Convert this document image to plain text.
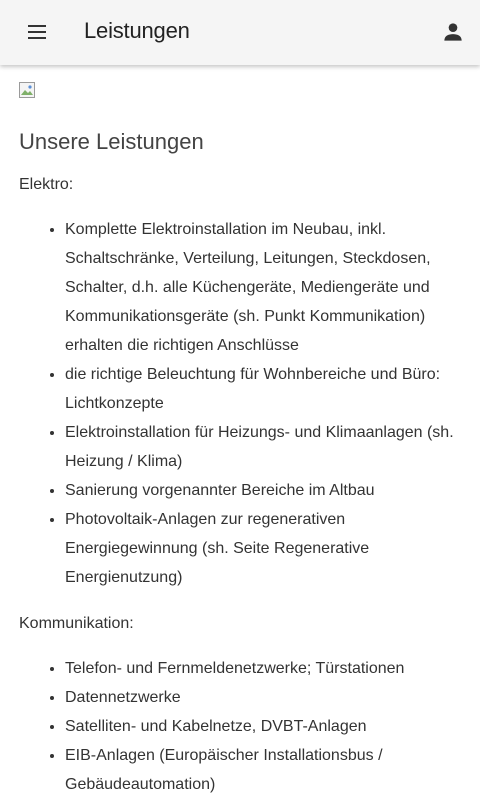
Leistungen
Unsere Leistungen

Elektro:

• Komplette Elektroinstallation im Neubau, inkl. Schaltschränke, Verteilung, Leitungen, Steckdosen, Schalter, d.h. alle Küchengeräte, Mediengeräte und Kommunikationsgeräte (sh. Punkt Kommunikation) erhalten die richtigen Anschlüsse
• die richtige Beleuchtung für Wohnbereiche und Büro: Lichtkonzepte
• Elektroinstallation für Heizungs- und Klimaanlagen (sh. Heizung / Klima)
• Sanierung vorgenannter Bereiche im Altbau
• Photovoltaik-Anlagen zur regenerativen Energiegewinnung (sh. Seite Regenerative Energienutzung)

Kommunikation:

• Telefon- und Fernmeldenetzwerke; Türstationen
• Datennetzwerke
• Satelliten- und Kabelnetze, DVBT-Anlagen
• EIB-Anlagen (Europäischer Installationsbus / Gebäudeautomation)
